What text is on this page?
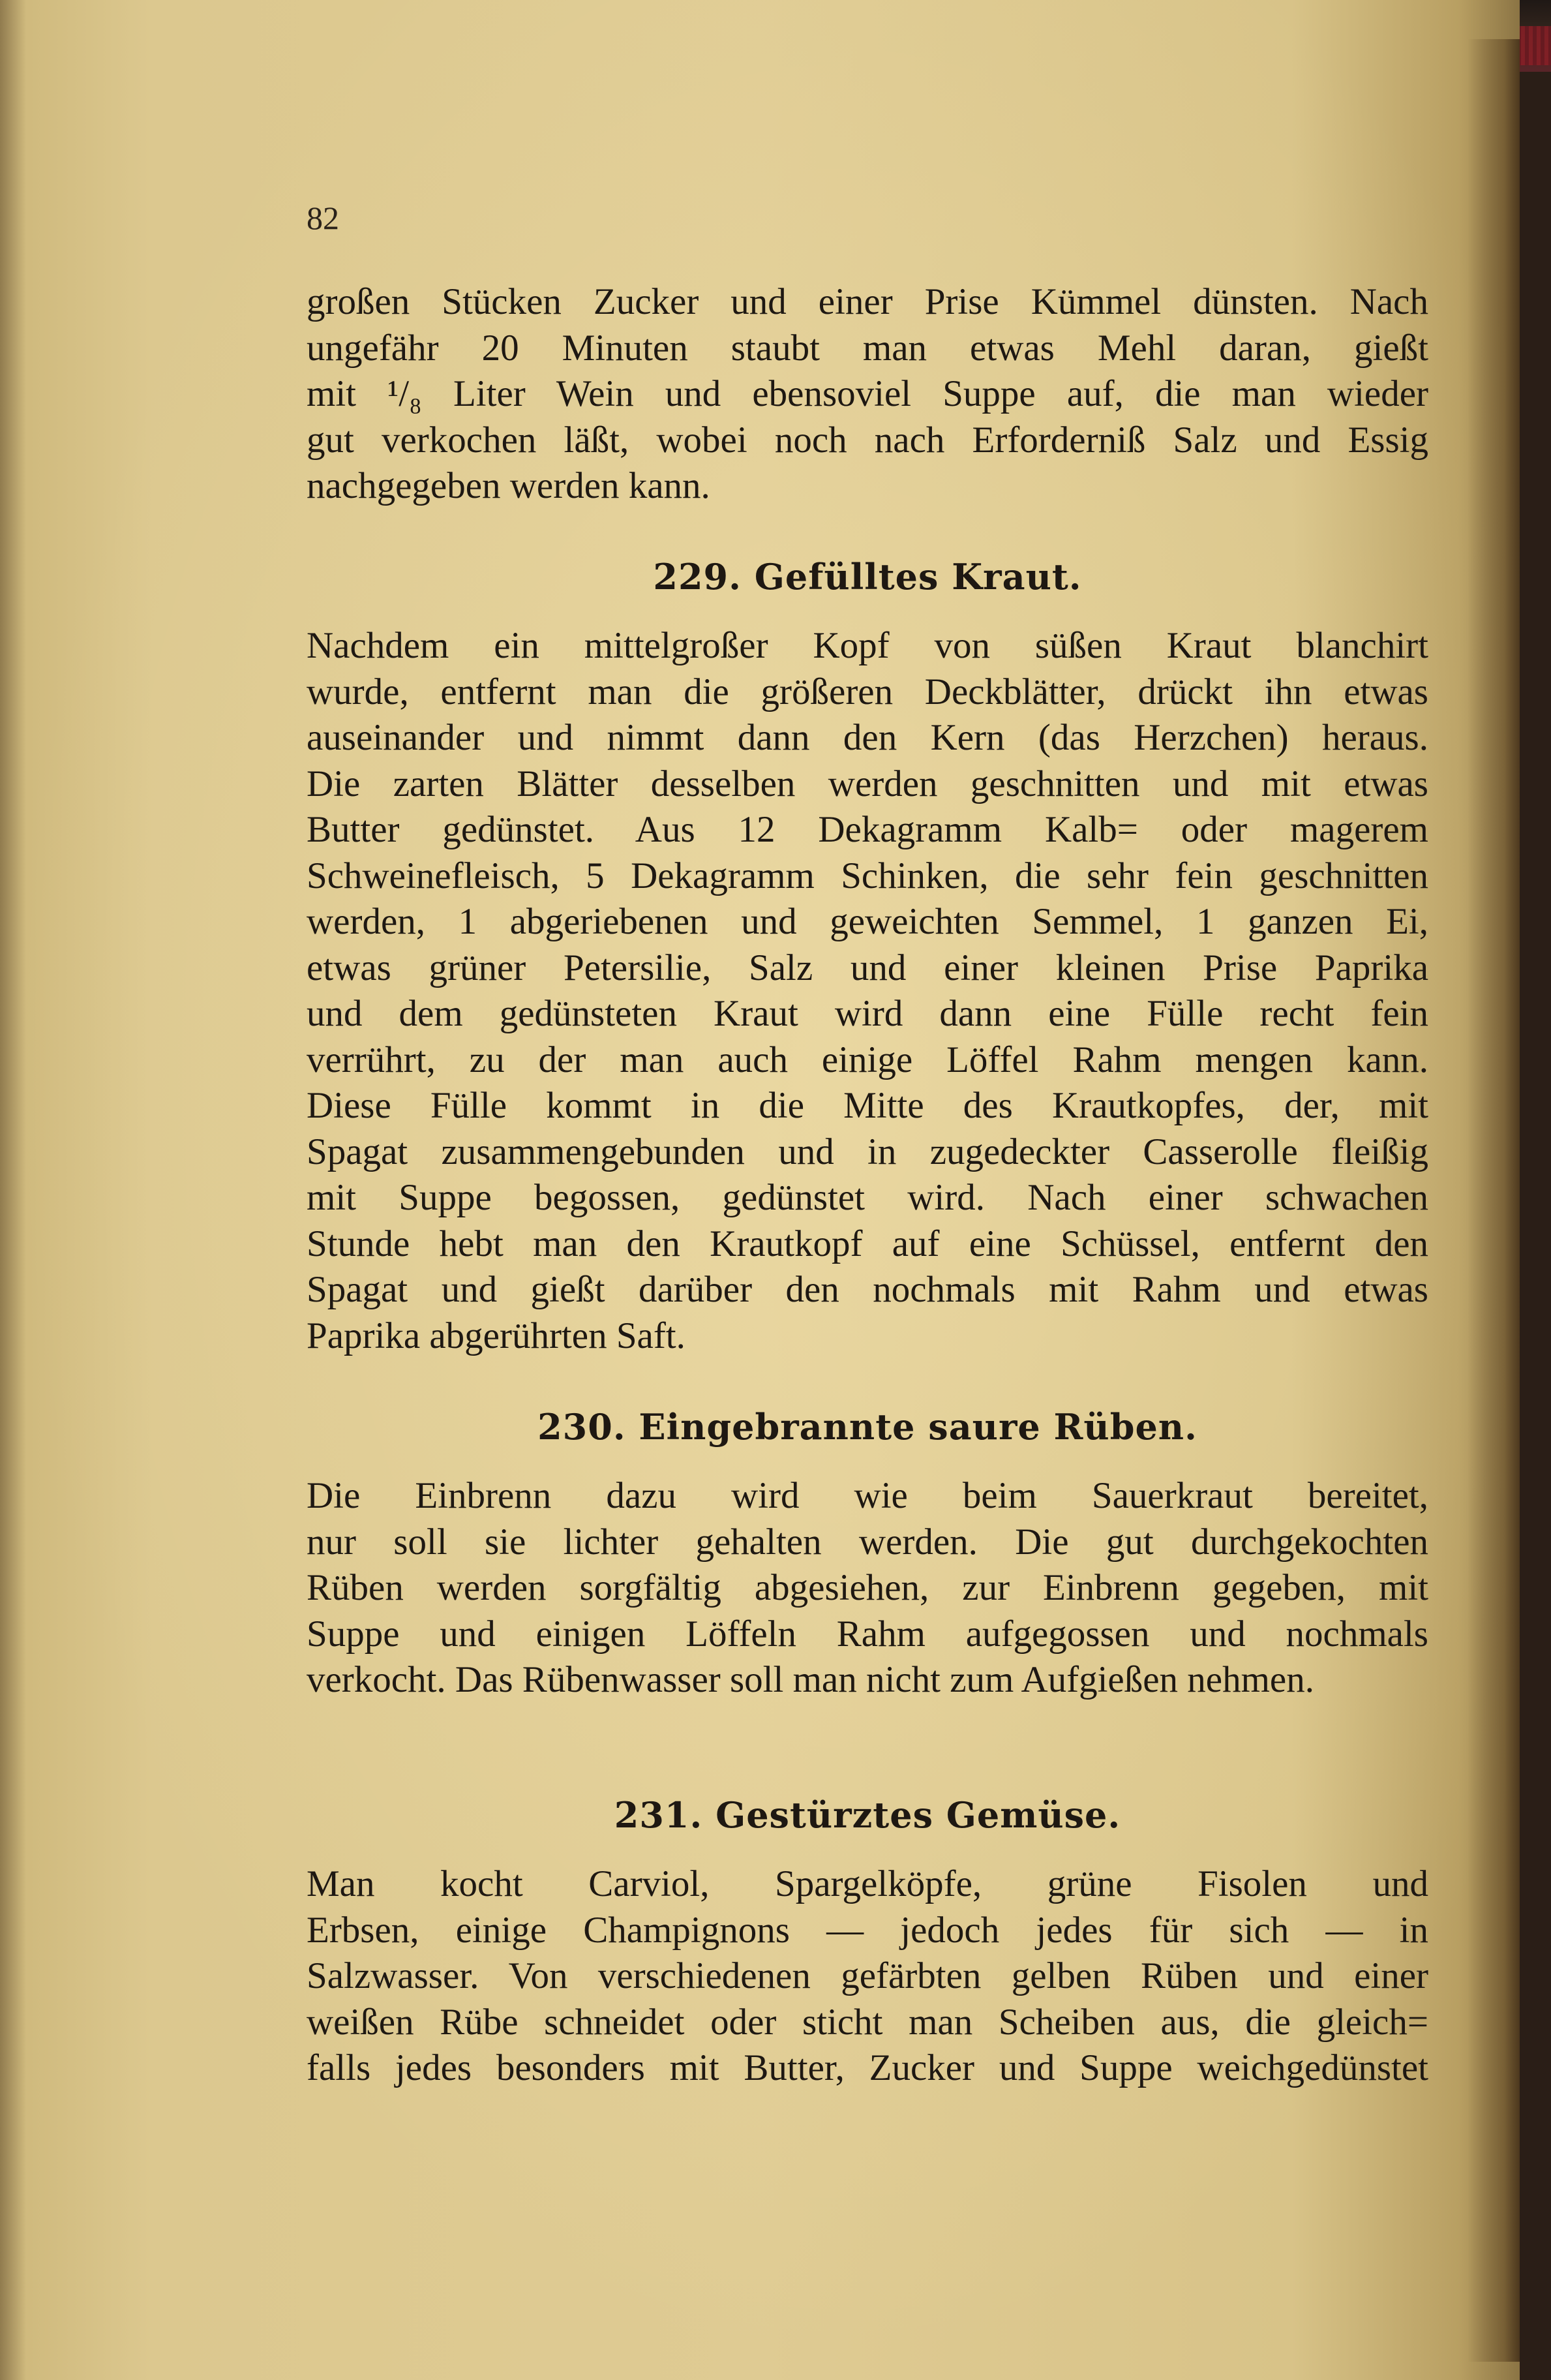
82

großen Stücken Zucker und einer Prise Kümmel dünsten. Nach

ungefähr 20 Minuten staubt man etwas Mehl daran, gießt

mit ¹/₈ Liter Wein und ebensoviel Suppe auf, die man wieder

gut verkochen läßt, wobei noch nach Erforderniß Salz und Essig

nachgegeben werden kann.

229. Gefülltes Kraut.

Nachdem ein mittelgroßer Kopf von süßen Kraut blanchirt

wurde, entfernt man die größeren Deckblätter, drückt ihn etwas

auseinander und nimmt dann den Kern (das Herzchen) heraus.

Die zarten Blätter desselben werden geschnitten und mit etwas

Butter gedünstet. Aus 12 Dekagramm Kalb= oder magerem

Schweinefleisch, 5 Dekagramm Schinken, die sehr fein geschnitten

werden, 1 abgeriebenen und geweichten Semmel, 1 ganzen Ei,

etwas grüner Petersilie, Salz und einer kleinen Prise Paprika

und dem gedünsteten Kraut wird dann eine Fülle recht fein

verrührt, zu der man auch einige Löffel Rahm mengen kann.

Diese Fülle kommt in die Mitte des Krautkopfes, der, mit

Spagat zusammengebunden und in zugedeckter Casserolle fleißig

mit Suppe begossen, gedünstet wird. Nach einer schwachen

Stunde hebt man den Krautkopf auf eine Schüssel, entfernt den

Spagat und gießt darüber den nochmals mit Rahm und etwas

Paprika abgerührten Saft.

230. Eingebrannte saure Rüben.

Die Einbrenn dazu wird wie beim Sauerkraut bereitet,

nur soll sie lichter gehalten werden. Die gut durchgekochten

Rüben werden sorgfältig abgesiehen, zur Einbrenn gegeben, mit

Suppe und einigen Löffeln Rahm aufgegossen und nochmals

verkocht. Das Rübenwasser soll man nicht zum Aufgießen nehmen.

231. Gestürztes Gemüse.

Man kocht Carviol, Spargelköpfe, grüne Fisolen und

Erbsen, einige Champignons — jedoch jedes für sich — in

Salzwasser. Von verschiedenen gefärbten gelben Rüben und einer

weißen Rübe schneidet oder sticht man Scheiben aus, die gleich=

falls jedes besonders mit Butter, Zucker und Suppe weichgedünstet
